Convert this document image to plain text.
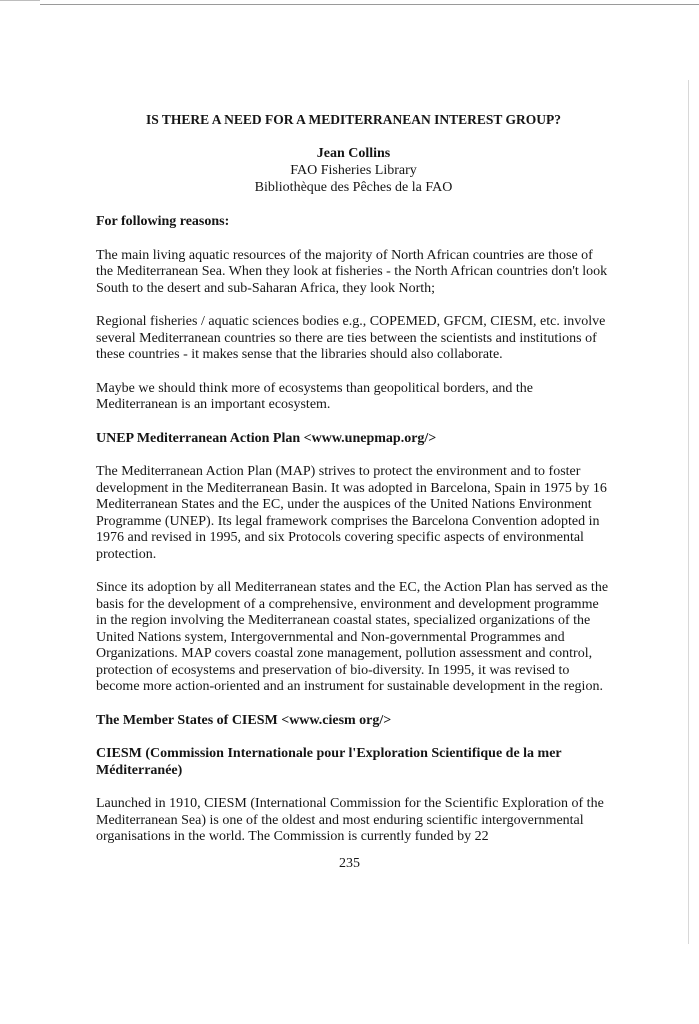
IS THERE A NEED FOR A MEDITERRANEAN INTEREST GROUP?
Jean Collins
FAO Fisheries Library
Bibliothèque des Pêches de la FAO

For following reasons:

The main living aquatic resources of the majority of North African countries are those of the Mediterranean Sea. When they look at fisheries - the North African countries don't look South to the desert and sub-Saharan Africa, they look North;

Regional fisheries / aquatic sciences bodies e.g., COPEMED, GFCM, CIESM, etc. involve several Mediterranean countries so there are ties between the scientists and institutions of these countries - it makes sense that the libraries should also collaborate.

Maybe we should think more of ecosystems than geopolitical borders, and the Mediterranean is an important ecosystem.

UNEP Mediterranean Action Plan <www.unepmap.org/>

The Mediterranean Action Plan (MAP) strives to protect the environment and to foster development in the Mediterranean Basin. It was adopted in Barcelona, Spain in 1975 by 16 Mediterranean States and the EC, under the auspices of the United Nations Environment Programme (UNEP). Its legal framework comprises the Barcelona Convention adopted in 1976 and revised in 1995, and six Protocols covering specific aspects of environmental protection.

Since its adoption by all Mediterranean states and the EC, the Action Plan has served as the basis for the development of a comprehensive, environment and development programme in the region involving the Mediterranean coastal states, specialized organizations of the United Nations system, Intergovernmental and Non-governmental Programmes and Organizations. MAP covers coastal zone management, pollution assessment and control, protection of ecosystems and preservation of bio-diversity. In 1995, it was revised to become more action-oriented and an instrument for sustainable development in the region.

The Member States of CIESM <www.ciesm org/>

CIESM (Commission Internationale pour l'Exploration Scientifique de la mer Méditerranée)

Launched in 1910, CIESM (International Commission for the Scientific Exploration of the Mediterranean Sea) is one of the oldest and most enduring scientific intergovernmental organisations in the world. The Commission is currently funded by 22

235
